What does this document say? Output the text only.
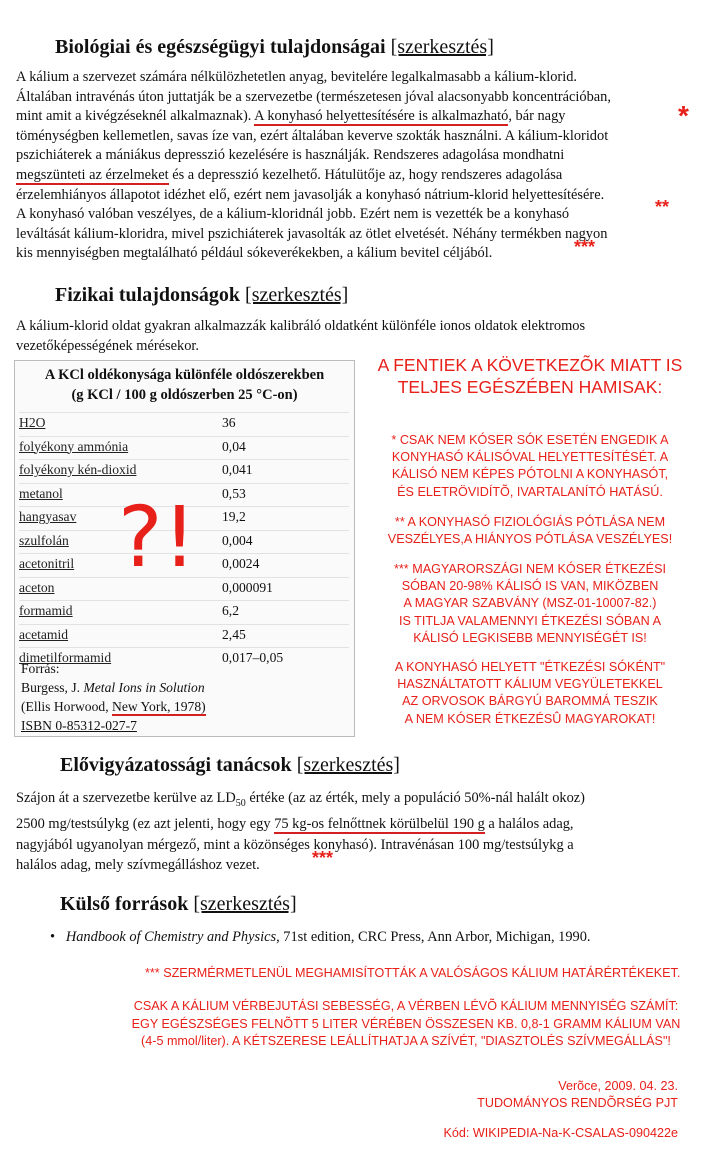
Biológiai és egészségügyi tulajdonságai [szerkesztés]
A kálium a szervezet számára nélkülözhetetlen anyag, bevitelére legalkalmasabb a kálium-klorid.
Általában intravénás úton juttatják be a szervezetbe (természetesen jóval alacsonyabb koncentrációban,
mint amit a kivégzéseknél alkalmaznak). A konyhasó helyettesítésére is alkalmazható, bár nagy
töménységben kellemetlen, savas íze van, ezért általában keverve szokták használni. A kálium-kloridot
pszichiáterek a mániákus depresszió kezelésére is használják. Rendszeres adagolása mondhatni
megszünteti az érzelmeket és a depresszió kezelhető. Hátulütője az, hogy rendszeres adagolása
érzelemhiányos állapotot idézhet elő, ezért nem javasolják a konyhasó nátrium-klorid helyettesítésére.
A konyhasó valóban veszélyes, de a kálium-kloridnál jobb. Ezért nem is vezették be a konyhasó
leváltását kálium-kloridra, mivel pszichiáterek javasolták az ötlet elvetését. Néhány termékben nagyon
kis mennyiségben megtalálható például sókeverékekben, a kálium bevitel céljából.
*
**
***
Fizikai tulajdonságok [szerkesztés]
A kálium-klorid oldat gyakran alkalmazzák kalibráló oldatként különféle ionos oldatok elektromos
vezetőképességének mérésekor.
A KCl oldékonysága különféle oldószerekben
(g KCl / 100 g oldószerben 25 °C-on)
H2O	36
folyékony ammónia	0,04
folyékony kén-dioxid	0,041
metanol	0,53
hangyasav	19,2
szulfolán	0,004
acetonitril	0,0024
aceton	0,000091
formamid	6,2
acetamid	2,45
dimetilformamid	0,017–0,05
Forrás:
Burgess, J. Metal Ions in Solution
(Ellis Horwood, New York, 1978)
ISBN 0-85312-027-7
?!
A FENTIEK A KÖVETKEZÕK MIATT IS
TELJES EGÉSZÉBEN HAMISAK:
* CSAK NEM KÓSER SÓK ESETÉN ENGEDIK A
KONYHASÓ KÁLISÓVAL HELYETTESÍTÉSÉT. A
KÁLISÓ NEM KÉPES PÓTOLNI A KONYHASÓT,
ÉS ELETRÖVIDÍTÕ, IVARTALANÍTÓ HATÁSÚ.
** A KONYHASÓ FIZIOLÓGIÁS PÓTLÁSA NEM
VESZÉLYES,A HIÁNYOS PÓTLÁSA VESZÉLYES!
*** MAGYARORSZÁGI NEM KÓSER ÉTKEZÉSI
SÓBAN 20-98% KÁLISÓ IS VAN, MIKÖZBEN
A MAGYAR SZABVÁNY (MSZ-01-10007-82.)
IS TITLJA VALAMENNYI ÉTKEZÉSI SÓBAN A
KÁLISÓ LEGKISEBB MENNYISÉGÉT IS!
A KONYHASÓ HELYETT "ÉTKEZÉSI SÓKÉNT"
HASZNÁLTATOTT KÁLIUM VEGYÜLETEKKEL
AZ ORVOSOK BÁRGYÚ BAROMMÁ TESZIK
A NEM KÓSER ÉTKEZÉSÛ MAGYAROKAT!
Elővigyázatossági tanácsok [szerkesztés]
Szájon át a szervezetbe kerülve az $LD_{50}$ értéke (az az érték, mely a populáció 50%-nál halált okoz)
2500 mg/testsúlykg (ez azt jelenti, hogy egy 75 kg-os felnőttnek körülbelül 190 g a halálos adag,
nagyjából ugyanolyan mérgező, mint a közönséges konyhasó). Intravénásan 100 mg/testsúlykg a
halálos adag, mely szívmegálláshoz vezet.	***
Külső források [szerkesztés]
•   Handbook of Chemistry and Physics, 71st edition, CRC Press, Ann Arbor, Michigan, 1990.
*** SZERMÉRMETLENÜL MEGHAMISÍTOTTÁK A VALÓSÁGOS KÁLIUM HATÁRÉRTÉKEKET.
CSAK A KÁLIUM VÉRBEJUTÁSI SEBESSÉG, A VÉRBEN LÉVÕ KÁLIUM MENNYISÉG SZÁMÍT:
EGY EGÉSZSÉGES FELNÕTT 5 LITER VÉRÉBEN ÖSSZESEN KB. 0,8-1 GRAMM KÁLIUM VAN
(4-5 mmol/liter). A KÉTSZERESE LEÁLLÍTHATJA A SZÍVÉT, "DIASZTOLÉS SZÍVMEGÁLLÁS"!
Verõce, 2009. 04. 23.
TUDOMÁNYOS RENDÕRSÉG PJT
Kód: WIKIPEDIA-Na-K-CSALAS-090422e
